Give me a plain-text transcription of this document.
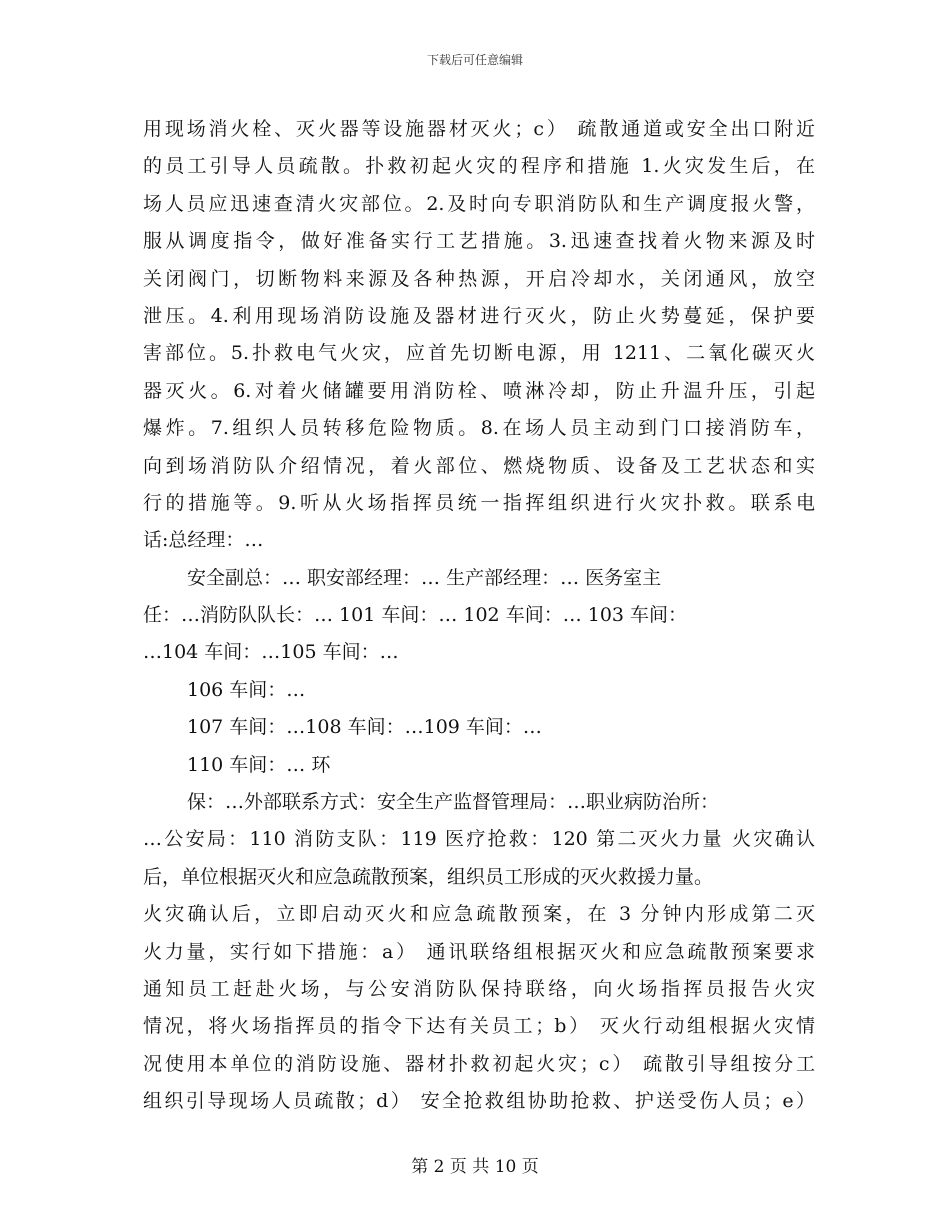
下载后可任意编辑
用现场消火栓、灭火器等设施器材灭火；c） 疏散通道或安全出口附近
的员工引导人员疏散。扑救初起火灾的程序和措施 1.火灾发生后，在
场人员应迅速查清火灾部位。2.及时向专职消防队和生产调度报火警，
服从调度指令，做好准备实行工艺措施。3.迅速查找着火物来源及时
关闭阀门，切断物料来源及各种热源，开启冷却水，关闭通风，放空
泄压。4.利用现场消防设施及器材进行灭火，防止火势蔓延，保护要
害部位。5.扑救电气火灾，应首先切断电源，用 1211、二氧化碳灭火
器灭火。6.对着火储罐要用消防栓、喷淋冷却，防止升温升压，引起
爆炸。7.组织人员转移危险物质。8.在场人员主动到门口接消防车，
向到场消防队介绍情况，着火部位、燃烧物质、设备及工艺状态和实
行的措施等。9.听从火场指挥员统一指挥组织进行火灾扑救。联系电
话:总经理：…
安全副总：… 职安部经理：… 生产部经理：… 医务室主
任：…消防队队长：… 101 车间：… 102 车间：… 103 车间：
…104 车间：…105 车间：…
106 车间：…
107 车间：…108 车间：…109 车间：…
110 车间：… 环
保：…外部联系方式：安全生产监督管理局：…职业病防治所：
…公安局：110 消防支队：119 医疗抢救：120 第二灭火力量 火灾确认
后，单位根据灭火和应急疏散预案，组织员工形成的灭火救援力量。
火灾确认后，立即启动灭火和应急疏散预案，在 3 分钟内形成第二灭
火力量，实行如下措施：a） 通讯联络组根据灭火和应急疏散预案要求
通知员工赶赴火场，与公安消防队保持联络，向火场指挥员报告火灾
情况，将火场指挥员的指令下达有关员工；b） 灭火行动组根据火灾情
况使用本单位的消防设施、器材扑救初起火灾；c） 疏散引导组按分工
组织引导现场人员疏散；d） 安全抢救组协助抢救、护送受伤人员；e）
第 2 页 共 10 页
